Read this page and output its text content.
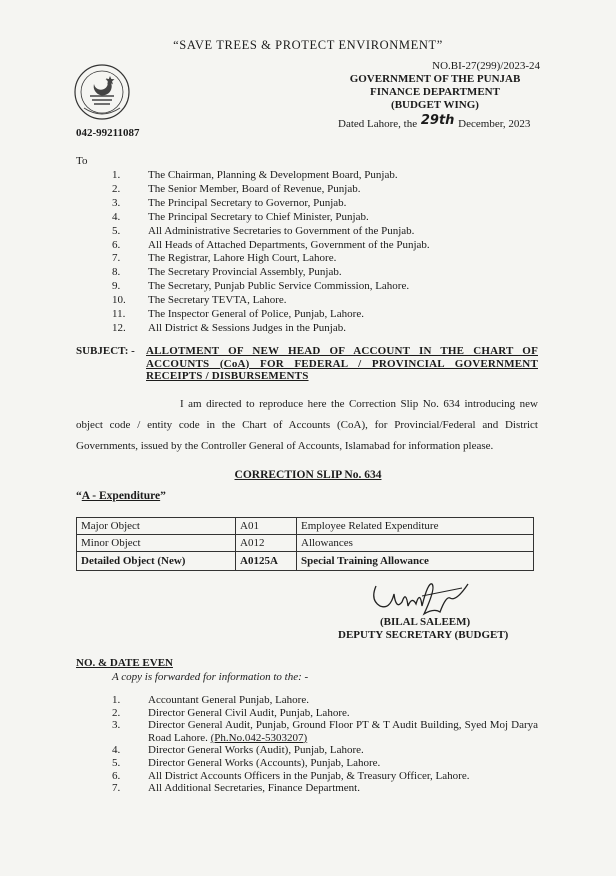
“SAVE TREES & PROTECT ENVIRONMENT”
042-99211087
NO.BI-27(299)/2023-24
GOVERNMENT OF THE PUNJAB
FINANCE DEPARTMENT
(BUDGET WING)
Dated Lahore, the 29th December, 2023
To
1.	The Chairman, Planning & Development Board, Punjab.
2.	The Senior Member, Board of Revenue, Punjab.
3.	The Principal Secretary to Governor, Punjab.
4.	The Principal Secretary to Chief Minister, Punjab.
5.	All Administrative Secretaries to Government of the Punjab.
6.	All Heads of Attached Departments, Government of the Punjab.
7.	The Registrar, Lahore High Court, Lahore.
8.	The Secretary Provincial Assembly, Punjab.
9.	The Secretary, Punjab Public Service Commission, Lahore.
10.	The Secretary TEVTA, Lahore.
11.	The Inspector General of Police, Punjab, Lahore.
12.	All District & Sessions Judges in the Punjab.
SUBJECT: - ALLOTMENT OF NEW HEAD OF ACCOUNT IN THE CHART OF ACCOUNTS (CoA) FOR FEDERAL / PROVINCIAL GOVERNMENT RECEIPTS / DISBURSEMENTS
I am directed to reproduce here the Correction Slip No. 634 introducing new object code / entity code in the Chart of Accounts (CoA), for Provincial/Federal and District Governments, issued by the Controller General of Accounts, Islamabad for information please.
CORRECTION SLIP No. 634
“A - Expenditure”
Major Object	A01	Employee Related Expenditure
Minor Object	A012	Allowances
Detailed Object (New)	A0125A	Special Training Allowance
(BILAL SALEEM)
DEPUTY SECRETARY (BUDGET)
NO. & DATE EVEN
A copy is forwarded for information to the: -
1.	Accountant General Punjab, Lahore.
2.	Director General Civil Audit, Punjab, Lahore.
3.	Director General Audit, Punjab, Ground Floor PT & T Audit Building, Syed Moj Darya Road Lahore. (Ph.No.042-5303207)
4.	Director General Works (Audit), Punjab, Lahore.
5.	Director General Works (Accounts), Punjab, Lahore.
6.	All District Accounts Officers in the Punjab, & Treasury Officer, Lahore.
7.	All Additional Secretaries, Finance Department.
